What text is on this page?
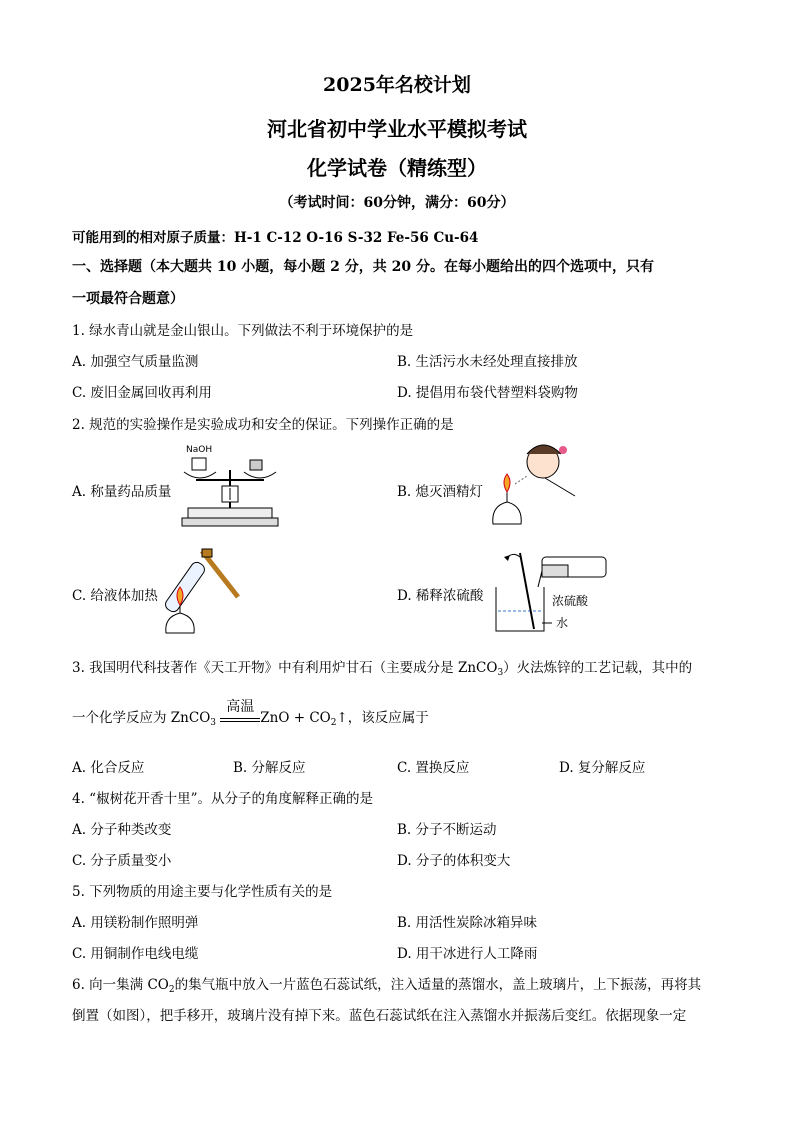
2025年名校计划
河北省初中学业水平模拟考试
化学试卷（精练型）
（考试时间：60分钟，满分：60分）
可能用到的相对原子质量：H-1 C-12 O-16 S-32 Fe-56 Cu-64
一、选择题（本大题共 10 小题，每小题 2 分，共 20 分。在每小题给出的四个选项中，只有
一项最符合题意）
1. 绿水青山就是金山银山。下列做法不利于环境保护的是
A. 加强空气质量监测	B. 生活污水未经处理直接排放
C. 废旧金属回收再利用	D. 提倡用布袋代替塑料袋购物
2. 规范的实验操作是实验成功和安全的保证。下列操作正确的是
A. 称量药品质量
NaOH
B. 熄灭酒精灯
C. 给液体加热	D. 稀释浓硫酸	浓硫酸
水
3. 我国明代科技著作《天工开物》中有利用炉甘石（主要成分是 ZnCO$_3$）火法炼锌的工艺记载，其中的
一个化学反应为 ZnCO$_3$
高温
ZnO + $CO_2↑$，该反应属于
A. 化合反应	B. 分解反应	C. 置换反应	D. 复分解反应
4. “椒树花开香十里”。从分子的角度解释正确的是
A. 分子种类改变	B. 分子不断运动
C. 分子质量变小	D. 分子的体积变大
5. 下列物质的用途主要与化学性质有关的是
A. 用镁粉制作照明弹	B. 用活性炭除冰箱异味
C. 用铜制作电线电缆	D. 用干冰进行人工降雨
6. 向一集满 $CO_2$的集气瓶中放入一片蓝色石蕊试纸，注入适量的蒸馏水，盖上玻璃片，上下振荡，再将其
倒置（如图），把手移开，玻璃片没有掉下来。蓝色石蕊试纸在注入蒸馏水并振荡后变红。依据现象一定
